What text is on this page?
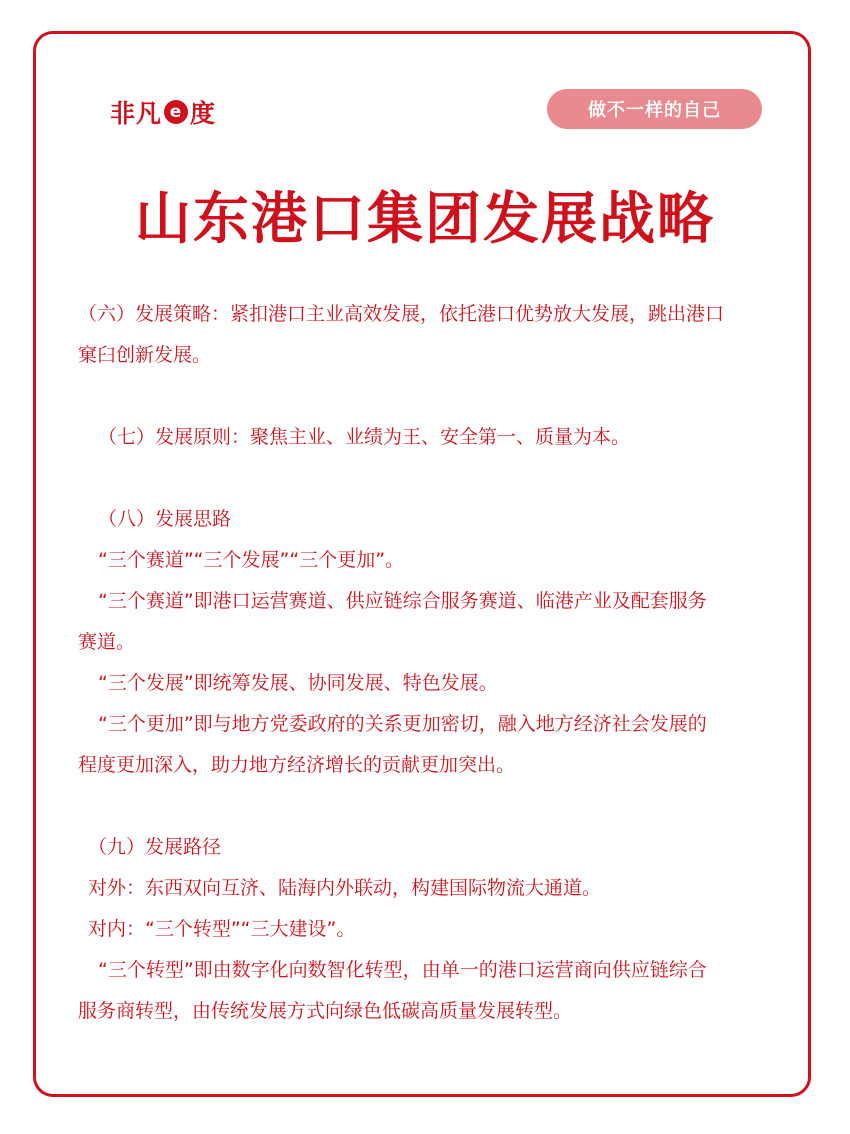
非凡 e 度	做不一样的自己
山东港口集团发展战略

（六）发展策略：紧扣港口主业高效发展，依托港口优势放大发展，跳出港口

窠臼创新发展。

（七）发展原则：聚焦主业、业绩为王、安全第一、质量为本。

（八）发展思路

“三个赛道”“三个发展”“三个更加”。

“三个赛道”即港口运营赛道、供应链综合服务赛道、临港产业及配套服务

赛道。

“三个发展”即统筹发展、协同发展、特色发展。

“三个更加”即与地方党委政府的关系更加密切，融入地方经济社会发展的

程度更加深入，助力地方经济增长的贡献更加突出。

（九）发展路径

对外：东西双向互济、陆海内外联动，构建国际物流大通道。

对内：“三个转型”“三大建设”。

“三个转型”即由数字化向数智化转型，由单一的港口运营商向供应链综合

服务商转型，由传统发展方式向绿色低碳高质量发展转型。
